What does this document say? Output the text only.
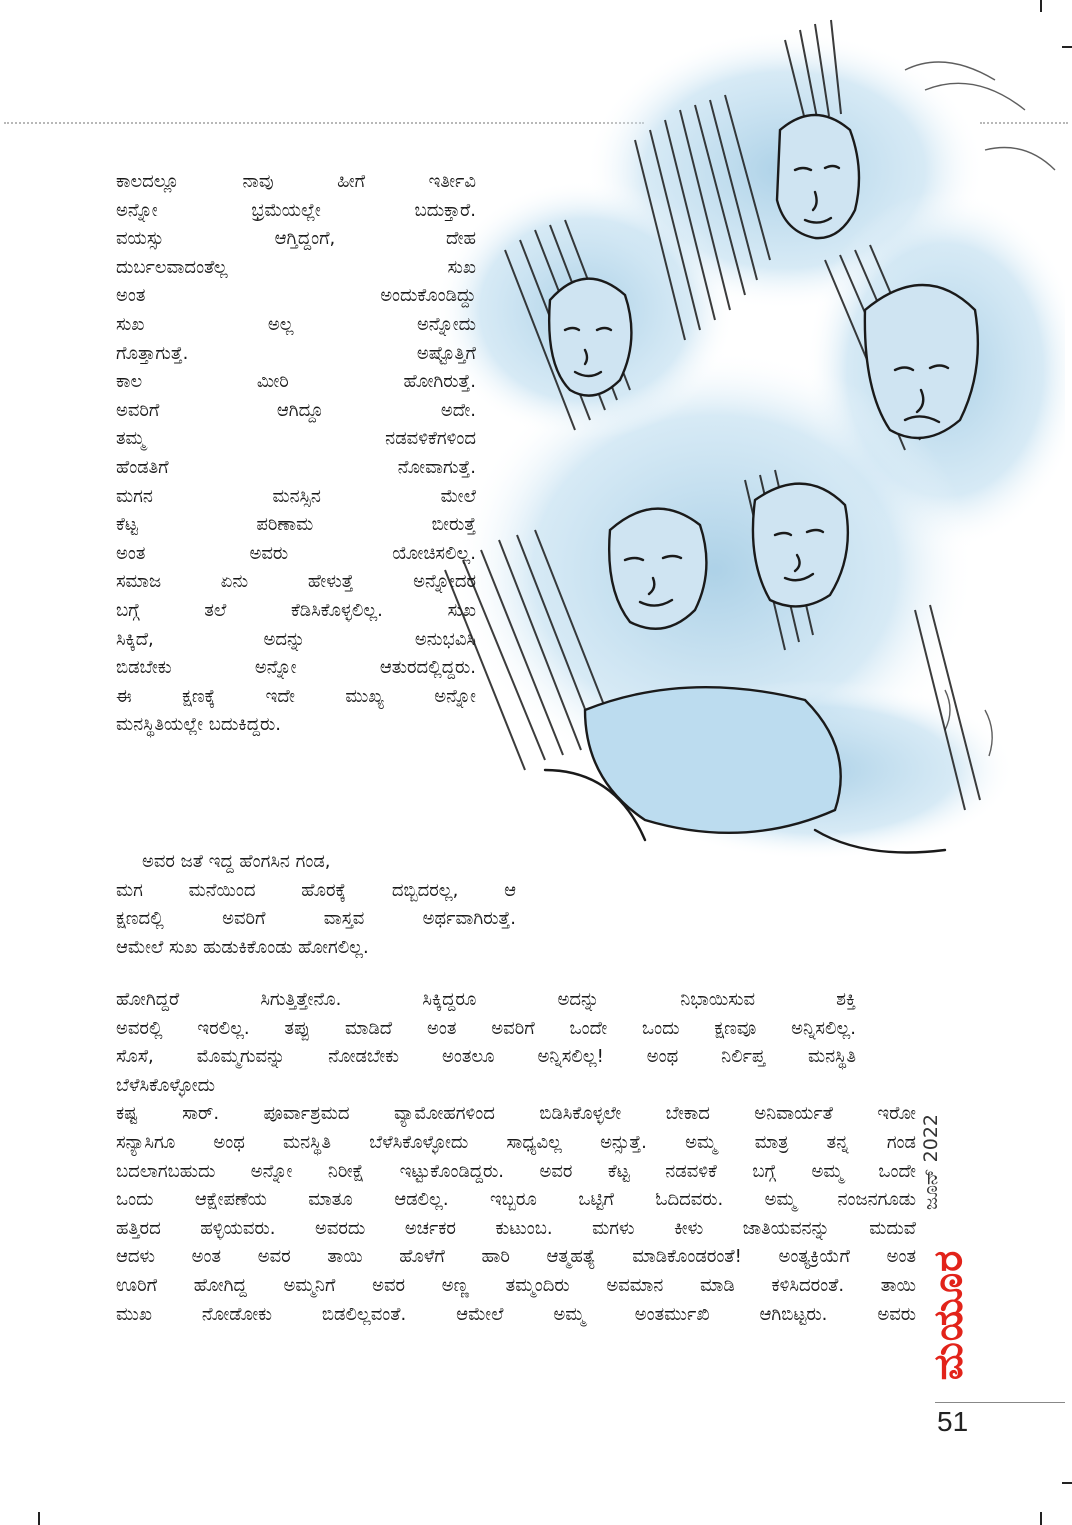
ಕಾಲದಲ್ಲೂ ನಾವು ಹೀಗೆ ಇರ್ತೀವಿ
ಅನ್ನೋ ಭ್ರಮೆಯಲ್ಲೇ ಬದುಕ್ತಾರೆ.
ವಯಸ್ಸು ಆಗ್ತಿದ್ದಂಗೆ, ದೇಹ
ದುರ್ಬಲವಾದಂತೆಲ್ಲ ಸುಖ
ಅಂತ ಅಂದುಕೊಂಡಿದ್ದು
ಸುಖ ಅಲ್ಲ ಅನ್ನೋದು
ಗೊತ್ತಾಗುತ್ತೆ. ಅಷ್ಟೊತ್ತಿಗೆ
ಕಾಲ ಮೀರಿ ಹೋಗಿರುತ್ತೆ.
ಅವರಿಗೆ ಆಗಿದ್ದೂ ಅದೇ.
ತಮ್ಮ ನಡವಳಿಕೆಗಳಿಂದ
ಹೆಂಡತಿಗೆ ನೋವಾಗುತ್ತೆ.
ಮಗನ ಮನಸ್ಸಿನ ಮೇಲೆ
ಕೆಟ್ಟ ಪರಿಣಾಮ ಬೀರುತ್ತೆ
ಅಂತ ಅವರು ಯೋಚಿಸಲಿಲ್ಲ.
ಸಮಾಜ ಏನು ಹೇಳುತ್ತೆ ಅನ್ನೋದರ
ಬಗ್ಗೆ ತಲೆ ಕೆಡಿಸಿಕೊಳ್ಳಲಿಲ್ಲ. ಸುಖ
ಸಿಕ್ಕಿದೆ, ಅದನ್ನು ಅನುಭವಿಸಿ
ಬಿಡಬೇಕು ಅನ್ನೋ ಆತುರದಲ್ಲಿದ್ದರು.
ಈ ಕ್ಷಣಕ್ಕೆ ಇದೇ ಮುಖ್ಯ ಅನ್ನೋ
ಮನಸ್ಥಿತಿಯಲ್ಲೇ ಬದುಕಿದ್ದರು.
ಅವರ ಜತೆ ಇದ್ದ ಹೆಂಗಸಿನ ಗಂಡ,
ಮಗ ಮನೆಯಿಂದ ಹೊರಕ್ಕೆ ದಬ್ಬಿದರಲ್ಲ, ಆ
ಕ್ಷಣದಲ್ಲಿ ಅವರಿಗೆ ವಾಸ್ತವ ಅರ್ಥವಾಗಿರುತ್ತೆ.
ಆಮೇಲೆ ಸುಖ ಹುಡುಕಿಕೊಂಡು ಹೋಗಲಿಲ್ಲ.
ಹೋಗಿದ್ದರೆ ಸಿಗುತ್ತಿತ್ತೇನೊ. ಸಿಕ್ಕಿದ್ದರೂ ಅದನ್ನು ನಿಭಾಯಿಸುವ ಶಕ್ತಿ
ಅವರಲ್ಲಿ ಇರಲಿಲ್ಲ. ತಪ್ಪು ಮಾಡಿದೆ ಅಂತ ಅವರಿಗೆ ಒಂದೇ ಒಂದು ಕ್ಷಣವೂ ಅನ್ನಿಸಲಿಲ್ಲ.
ಸೊಸೆ, ಮೊಮ್ಮಗುವನ್ನು ನೋಡಬೇಕು ಅಂತಲೂ ಅನ್ನಿಸಲಿಲ್ಲ! ಅಂಥ ನಿರ್ಲಿಪ್ತ ಮನಸ್ಥಿತಿ
ಬೆಳೆಸಿಕೊಳ್ಳೋದು
ಕಷ್ಟ ಸಾರ್. ಪೂರ್ವಾಶ್ರಮದ ವ್ಯಾಮೋಹಗಳಿಂದ ಬಿಡಿಸಿಕೊಳ್ಳಲೇ ಬೇಕಾದ ಅನಿವಾರ್ಯತೆ ಇರೋ
ಸನ್ಯಾಸಿಗೂ ಅಂಥ ಮನಸ್ಥಿತಿ ಬೆಳೆಸಿಕೊಳ್ಳೋದು ಸಾಧ್ಯವಿಲ್ಲ ಅನ್ಸುತ್ತೆ. ಅಮ್ಮ ಮಾತ್ರ ತನ್ನ ಗಂಡ
ಬದಲಾಗಬಹುದು ಅನ್ನೋ ನಿರೀಕ್ಷೆ ಇಟ್ಟುಕೊಂಡಿದ್ದರು. ಅವರ ಕೆಟ್ಟ ನಡವಳಿಕೆ ಬಗ್ಗೆ ಅಮ್ಮ ಒಂದೇ
ಒಂದು ಆಕ್ಷೇಪಣೆಯ ಮಾತೂ ಆಡಲಿಲ್ಲ. ಇಬ್ಬರೂ ಒಟ್ಟಿಗೆ ಓದಿದವರು. ಅಮ್ಮ ನಂಜನಗೂಡು
ಹತ್ತಿರದ ಹಳ್ಳಿಯವರು. ಅವರದು ಅರ್ಚಕರ ಕುಟುಂಬ. ಮಗಳು ಕೀಳು ಜಾತಿಯವನನ್ನು ಮದುವೆ
ಆದಳು ಅಂತ ಅವರ ತಾಯಿ ಹೊಳೆಗೆ ಹಾರಿ ಆತ್ಮಹತ್ಯೆ ಮಾಡಿಕೊಂಡರಂತೆ! ಅಂತ್ಯಕ್ರಿಯೆಗೆ ಅಂತ
ಊರಿಗೆ ಹೋಗಿದ್ದ ಅಮ್ಮನಿಗೆ ಅವರ ಅಣ್ಣ ತಮ್ಮಂದಿರು ಅವಮಾನ ಮಾಡಿ ಕಳಿಸಿದರಂತೆ. ತಾಯಿ
ಮುಖ ನೋಡೋಕು ಬಿಡಲಿಲ್ಲವಂತೆ. ಆಮೇಲೆ ಅಮ್ಮ ಅಂತರ್ಮುಖಿ ಆಗಿಬಿಟ್ಟರು. ಅವರು
ಜೂನ್ 2022
ಮಯೂರ
51
